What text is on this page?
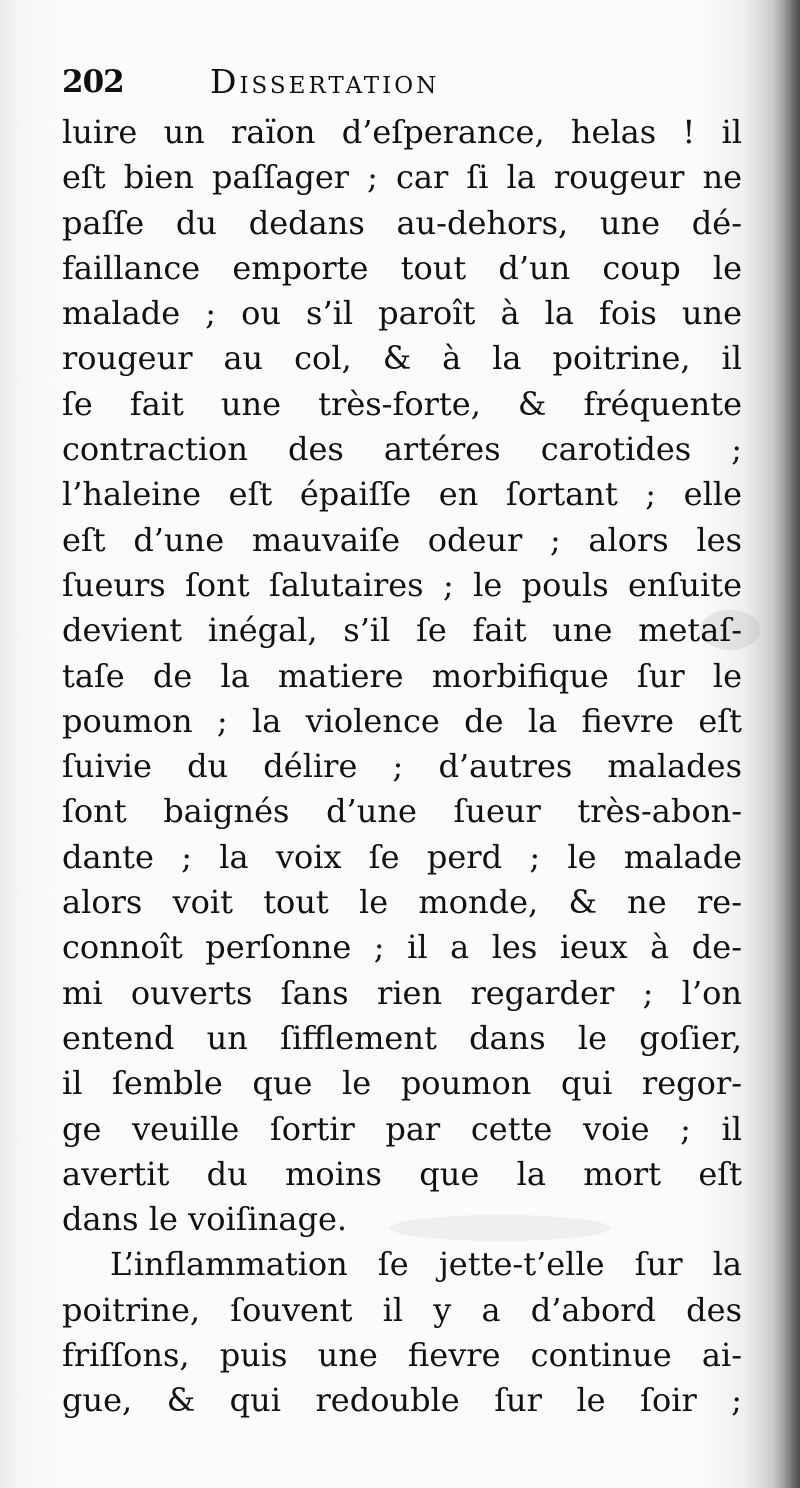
202	Dissertation
luire un raïon d’eſperance, helas ! il
eſt bien paſſager ; car ſi la rougeur ne
paſſe du dedans au-dehors, une dé-
faillance emporte tout d’un coup le
malade ; ou s’il paroît à la fois une
rougeur au col, & à la poitrine, il
ſe fait une très-forte, & fréquente
contraction des artéres carotides ;
l’haleine eſt épaiſſe en ſortant ; elle
eſt d’une mauvaiſe odeur ; alors les
ſueurs ſont ſalutaires ; le pouls enſuite
devient inégal, s’il ſe fait une metaſ-
taſe de la matiere morbifique ſur le
poumon ; la violence de la fievre eſt
ſuivie du délire ; d’autres malades
ſont baignés d’une ſueur très-abon-
dante ; la voix ſe perd ; le malade
alors voit tout le monde, & ne re-
connoît perſonne ; il a les ieux à de-
mi ouverts ſans rien regarder ; l’on
entend un ſifflement dans le goſier,
il ſemble que le poumon qui regor-
ge veuille ſortir par cette voie ; il
avertit du moins que la mort eſt
dans le voiſinage.
L’inflammation ſe jette-t’elle ſur la
poitrine, ſouvent il y a d’abord des
friſſons, puis une fievre continue ai-
gue, & qui redouble ſur le ſoir ;
